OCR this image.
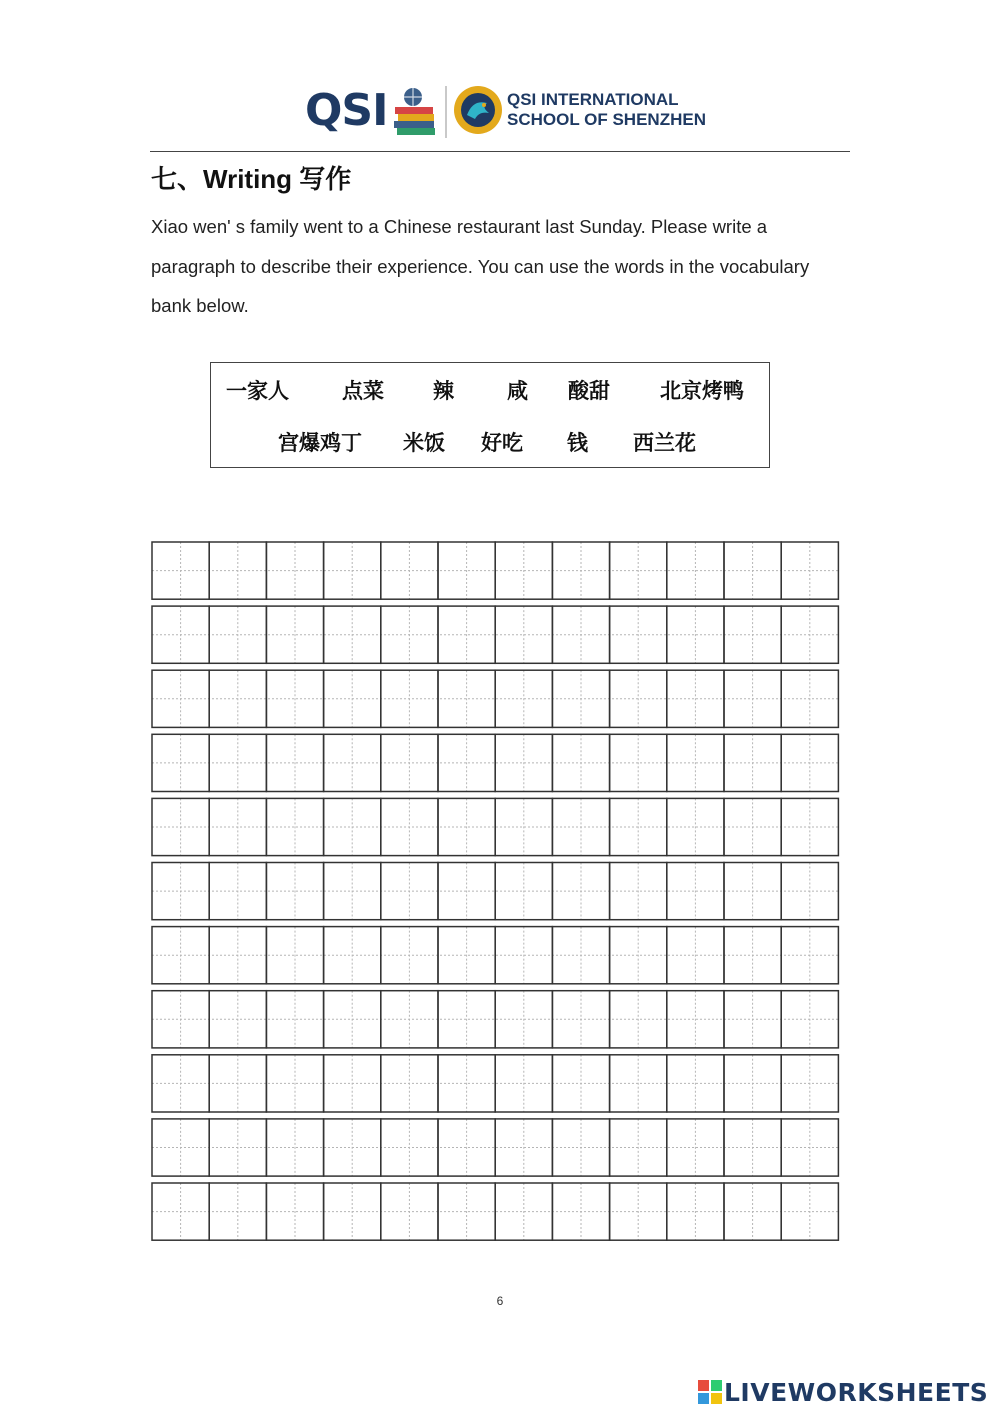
QSI	QSI INTERNATIONAL
SCHOOL OF SHENZHEN
七、Writing 写作
Xiao wen' s family went to a Chinese restaurant last Sunday. Please write a paragraph to describe their experience. You can use the words in the vocabulary bank below.
一家人	点菜 辣	咸 酸甜 北京烤鸭
宫爆鸡丁 米饭 好吃 钱 西兰花
6
LIVEWORKSHEETS
